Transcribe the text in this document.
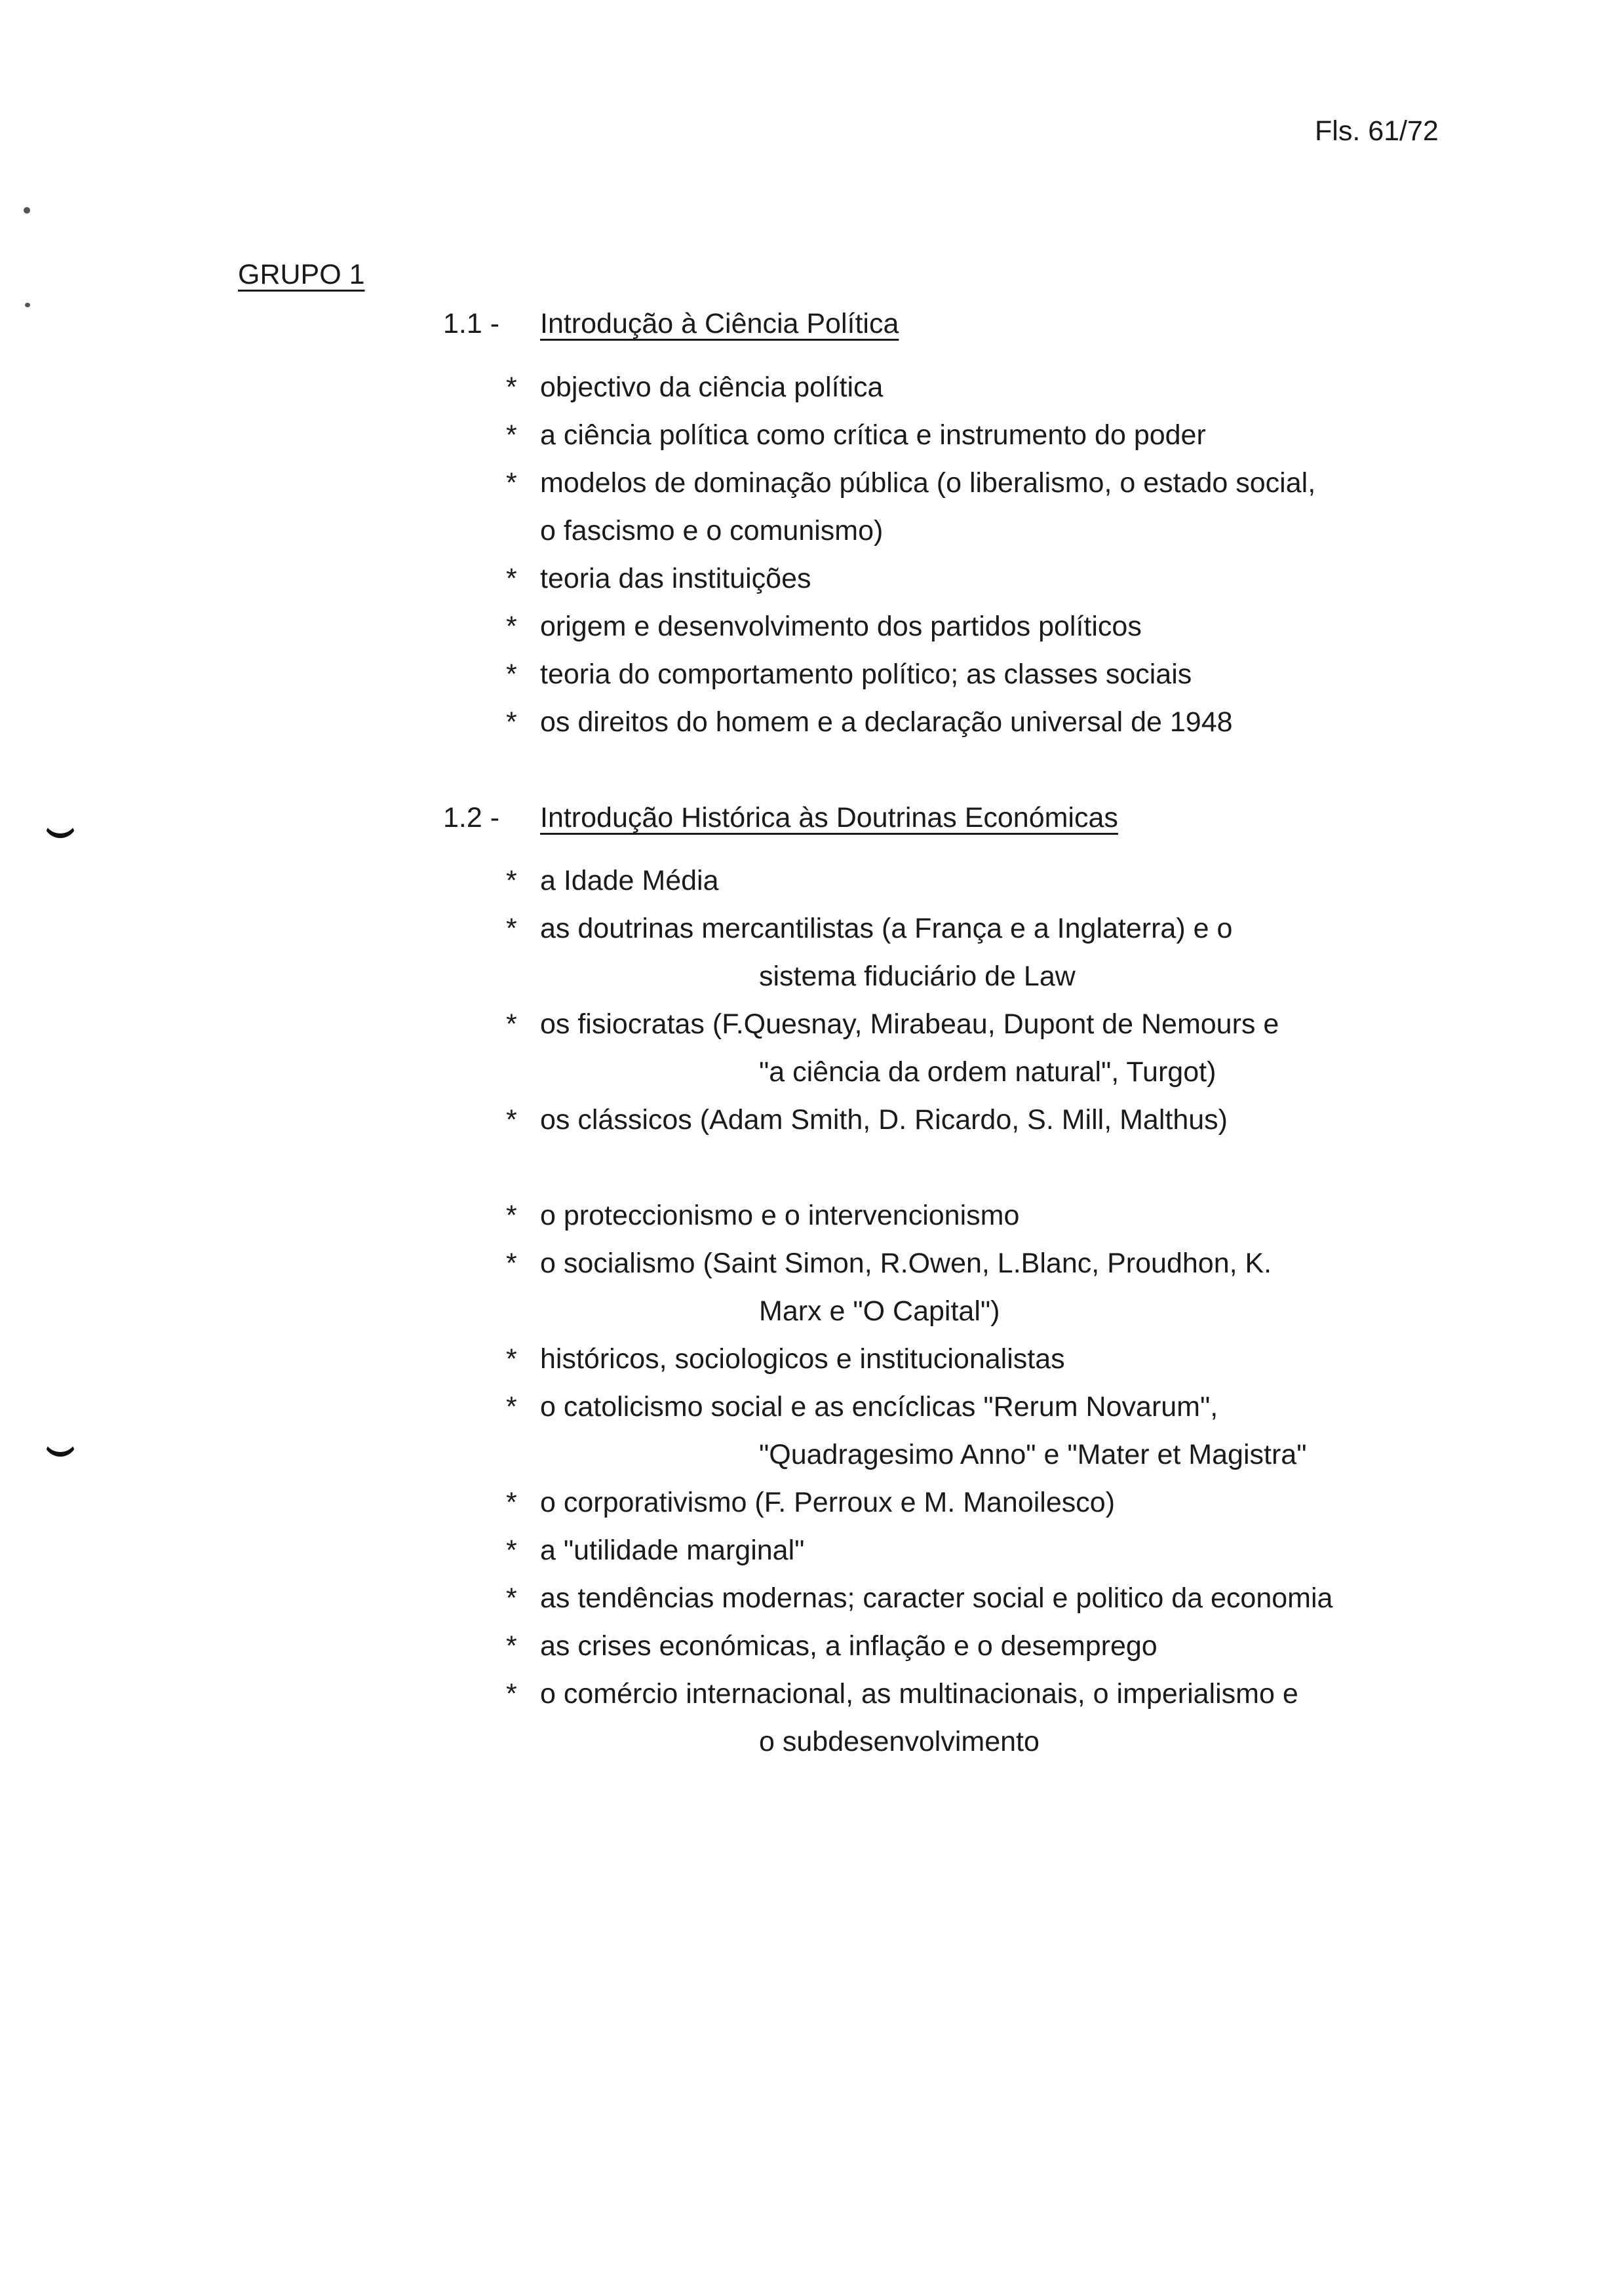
Fls. 61/72
GRUPO 1
1.1 - Introdução à Ciência Política
* objectivo da ciência política
* a ciência política como crítica e instrumento do poder
* modelos de dominação pública (o liberalismo, o estado social,
o fascismo e o comunismo)
* teoria das instituições
* origem e desenvolvimento dos partidos políticos
* teoria do comportamento político; as classes sociais
* os direitos do homem e a declaração universal de 1948
1.2 - Introdução Histórica às Doutrinas Económicas
* a Idade Média
* as doutrinas mercantilistas (a França e a Inglaterra) e o
sistema fiduciário de Law
* os fisiocratas (F.Quesnay, Mirabeau, Dupont de Nemours e
"a ciência da ordem natural", Turgot)
* os clássicos (Adam Smith, D. Ricardo, S. Mill, Malthus)
* o proteccionismo e o intervencionismo
* o socialismo (Saint Simon, R.Owen, L.Blanc, Proudhon, K.
Marx e "O Capital")
* históricos, sociologicos e institucionalistas
* o catolicismo social e as encíclicas "Rerum Novarum",
"Quadragesimo Anno" e "Mater et Magistra"
* o corporativismo (F. Perroux e M. Manoilesco)
* a "utilidade marginal"
* as tendências modernas; caracter social e politico da economia
* as crises económicas, a inflação e o desemprego
* o comércio internacional, as multinacionais, o imperialismo e
o subdesenvolvimento
